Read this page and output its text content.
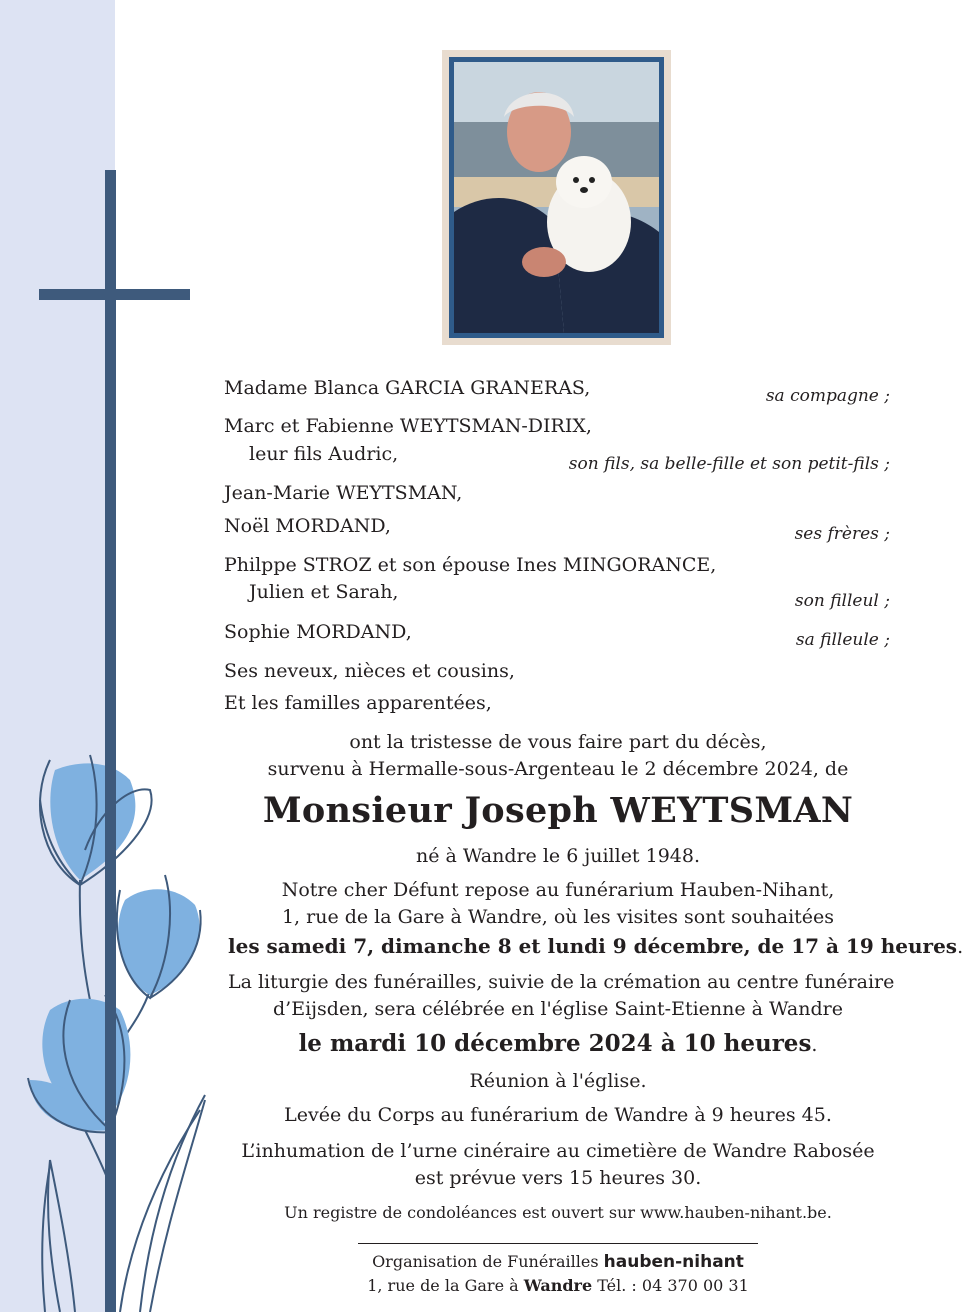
Madame Blanca GARCIA GRANERAS,	sa compagne ;
Marc et Fabienne WEYTSMAN-DIRIX,
leur fils Audric,	son fils, sa belle-fille et son petit-fils ;
Jean-Marie WEYTSMAN,
Noël MORDAND,	ses frères ;
Philppe STROZ et son épouse Ines MINGORANCE,
Julien et Sarah,	son filleul ;
Sophie MORDAND,	sa filleule ;
Ses neveux, nièces et cousins,
Et les familles apparentées,
ont la tristesse de vous faire part du décès,
survenu à Hermalle-sous-Argenteau le 2 décembre 2024, de
Monsieur Joseph WEYTSMAN
né à Wandre le 6 juillet 1948.
Notre cher Défunt repose au funérarium Hauben-Nihant,
1, rue de la Gare à Wandre, où les visites sont souhaitées
les samedi 7, dimanche 8 et lundi 9 décembre, de 17 à 19 heures.
La liturgie des funérailles, suivie de la crémation au centre funéraire
d’Eijsden, sera célébrée en l'église Saint-Etienne à Wandre
le mardi 10 décembre 2024 à 10 heures.
Réunion à l'église.
Levée du Corps au funérarium de Wandre à 9 heures 45.
L’inhumation de l’urne cinéraire au cimetière de Wandre Rabosée
est prévue vers 15 heures 30.
Un registre de condoléances est ouvert sur www.hauben-nihant.be.
Organisation de Funérailles hauben-nihant
1, rue de la Gare à Wandre Tél. : 04 370 00 31
